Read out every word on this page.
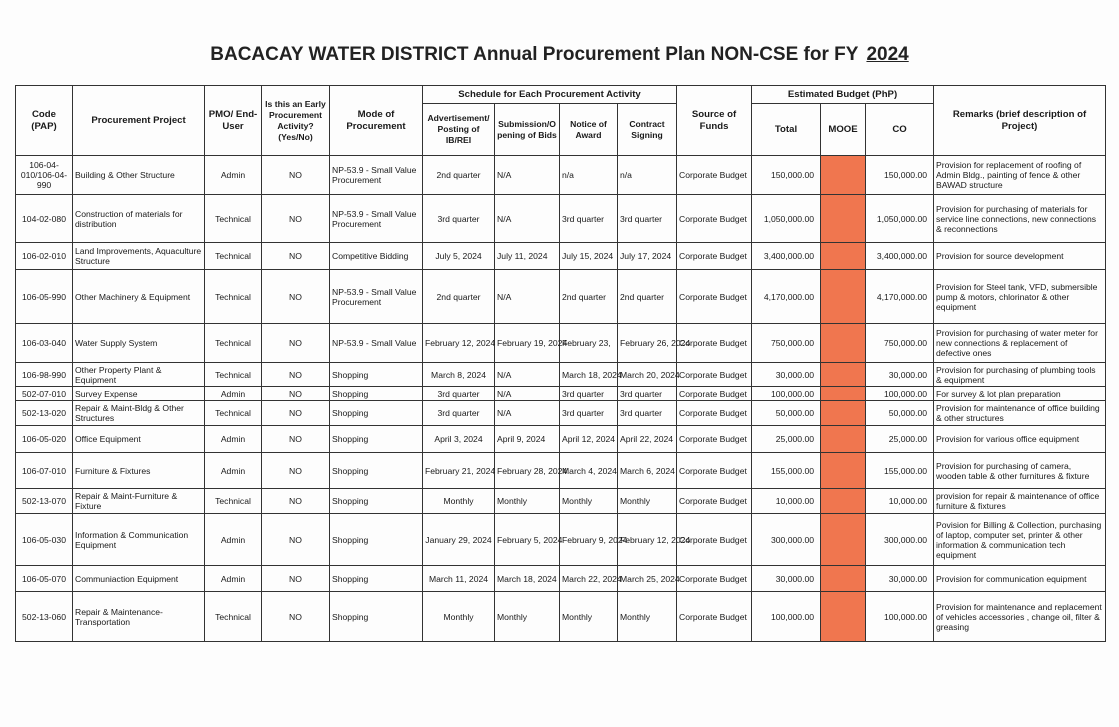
BACACAY WATER DISTRICT Annual Procurement Plan NON-CSE for FY 2024
Code (PAP)	Procurement Project	PMO/ End-User	Is this an Early Procurement Activity? (Yes/No)	Mode of Procurement	Schedule for Each Procurement Activity				Source of Funds	Estimated Budget (PhP)			Remarks (brief description of Project)
					Advertisement/ Posting of IB/REI	Submission/O pening of Bids	Notice of Award	Contract Signing		Total	MOOE	CO	
106-04-010/106-04-990	Building & Other Structure	Admin	NO	NP-53.9 - Small Value Procurement	2nd quarter	N/A	n/a	n/a	Corporate Budget	150,000.00		150,000.00	Provision for replacement of roofing of Admin Bldg., painting of fence & other BAWAD structure
104-02-080	Construction of materials for distribution	Technical	NO	NP-53.9 - Small Value Procurement	3rd quarter	N/A	3rd quarter	3rd quarter	Corporate Budget	1,050,000.00		1,050,000.00	Provision for purchasing of materials for service line connections, new connections & reconnections
106-02-010	Land Improvements, Aquaculture Structure	Technical	NO	Competitive Bidding	July 5, 2024	July 11, 2024	July 15, 2024	July 17, 2024	Corporate Budget	3,400,000.00		3,400,000.00	Provision for source development
106-05-990	Other Machinery & Equipment	Technical	NO	NP-53.9 - Small Value Procurement	2nd quarter	N/A	2nd quarter	2nd quarter	Corporate Budget	4,170,000.00		4,170,000.00	Provision for Steel tank, VFD, submersible pump & motors, chlorinator & other equipment
106-03-040	Water Supply System	Technical	NO	NP-53.9 - Small Value	February 12, 2024	February 19, 2024	February 23,	February 26, 2024	Corporate Budget	750,000.00		750,000.00	Provision for purchasing of water meter for new connections & replacement of defective ones
106-98-990	Other Property Plant & Equipment	Technical	NO	Shopping	March 8, 2024	N/A	March 18, 2024	March 20, 2024	Corporate Budget	30,000.00		30,000.00	Provision for purchasing of plumbing tools & equipment
502-07-010	Survey Expense	Admin	NO	Shopping	3rd quarter	N/A	3rd quarter	3rd quarter	Corporate Budget	100,000.00		100,000.00	For survey & lot plan preparation
502-13-020	Repair & Maint-Bldg & Other Structures	Technical	NO	Shopping	3rd quarter	N/A	3rd quarter	3rd quarter	Corporate Budget	50,000.00		50,000.00	Provision for maintenance of office building & other structures
106-05-020	Office Equipment	Admin	NO	Shopping	April 3, 2024	April 9, 2024	April 12, 2024	April 22, 2024	Corporate Budget	25,000.00		25,000.00	Provision for various office equipment
106-07-010	Furniture & Fixtures	Admin	NO	Shopping	February 21, 2024	February 28, 2024	March 4, 2024	March 6, 2024	Corporate Budget	155,000.00		155,000.00	Provision for purchasing of camera, wooden table & other furnitures & fixture
502-13-070	Repair & Maint-Furniture & Fixture	Technical	NO	Shopping	Monthly	Monthly	Monthly	Monthly	Corporate Budget	10,000.00		10,000.00	provision for repair & maintenance of office furniture & fixtures
106-05-030	Information & Communication Equipment	Admin	NO	Shopping	January 29, 2024	February 5, 2024	February 9, 2024	February 12, 2024	Corporate Budget	300,000.00		300,000.00	Povision for Billing & Collection, purchasing of laptop, computer set, printer & other information & communication tech equipment
106-05-070	Communiaction Equipment	Admin	NO	Shopping	March 11, 2024	March 18, 2024	March 22, 2024	March 25, 2024	Corporate Budget	30,000.00		30,000.00	Provision for communication equipment
502-13-060	Repair & Maintenance-Transportation	Technical	NO	Shopping	Monthly	Monthly	Monthly	Monthly	Corporate Budget	100,000.00		100,000.00	Provision for maintenance and replacement of vehicles accessories , change oil, filter & greasing
